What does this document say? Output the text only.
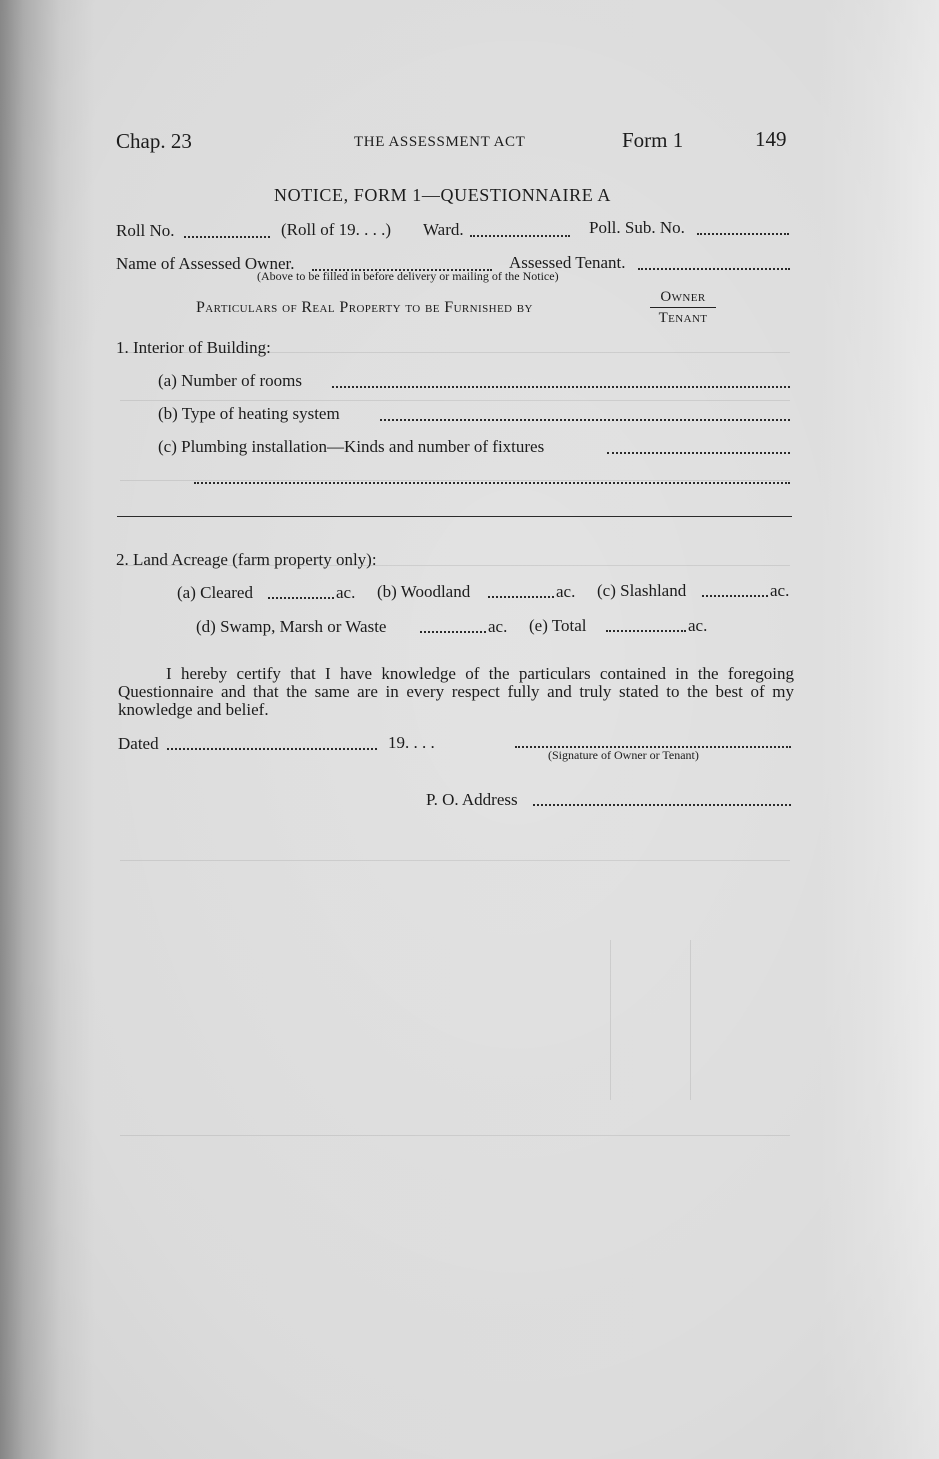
Chap. 23	THE ASSESSMENT ACT	Form 1	149
NOTICE, FORM 1—QUESTIONNAIRE A
Roll No.	(Roll of 19. . . .) Ward.	Poll. Sub. No.
Name of Assessed Owner.	Assessed Tenant.
(Above to be filled in before delivery or mailing of the Notice)
Particulars of Real Property to be Furnished by
Owner
Tenant
1. Interior of Building:
(a) Number of rooms
(b) Type of heating system
(c) Plumbing installation—Kinds and number of fixtures
2. Land Acreage (farm property only):
(a) Cleared	ac. (b) Woodland	ac. (c) Slashland	ac.
(d) Swamp, Marsh or Waste	ac. (e) Total	ac.

I hereby certify that I have knowledge of the particulars contained in the foregoing Questionnaire and that the same are in every respect fully and truly stated to the best of my knowledge and belief.

Dated	19. . . .
(Signature of Owner or Tenant)
P. O. Address
